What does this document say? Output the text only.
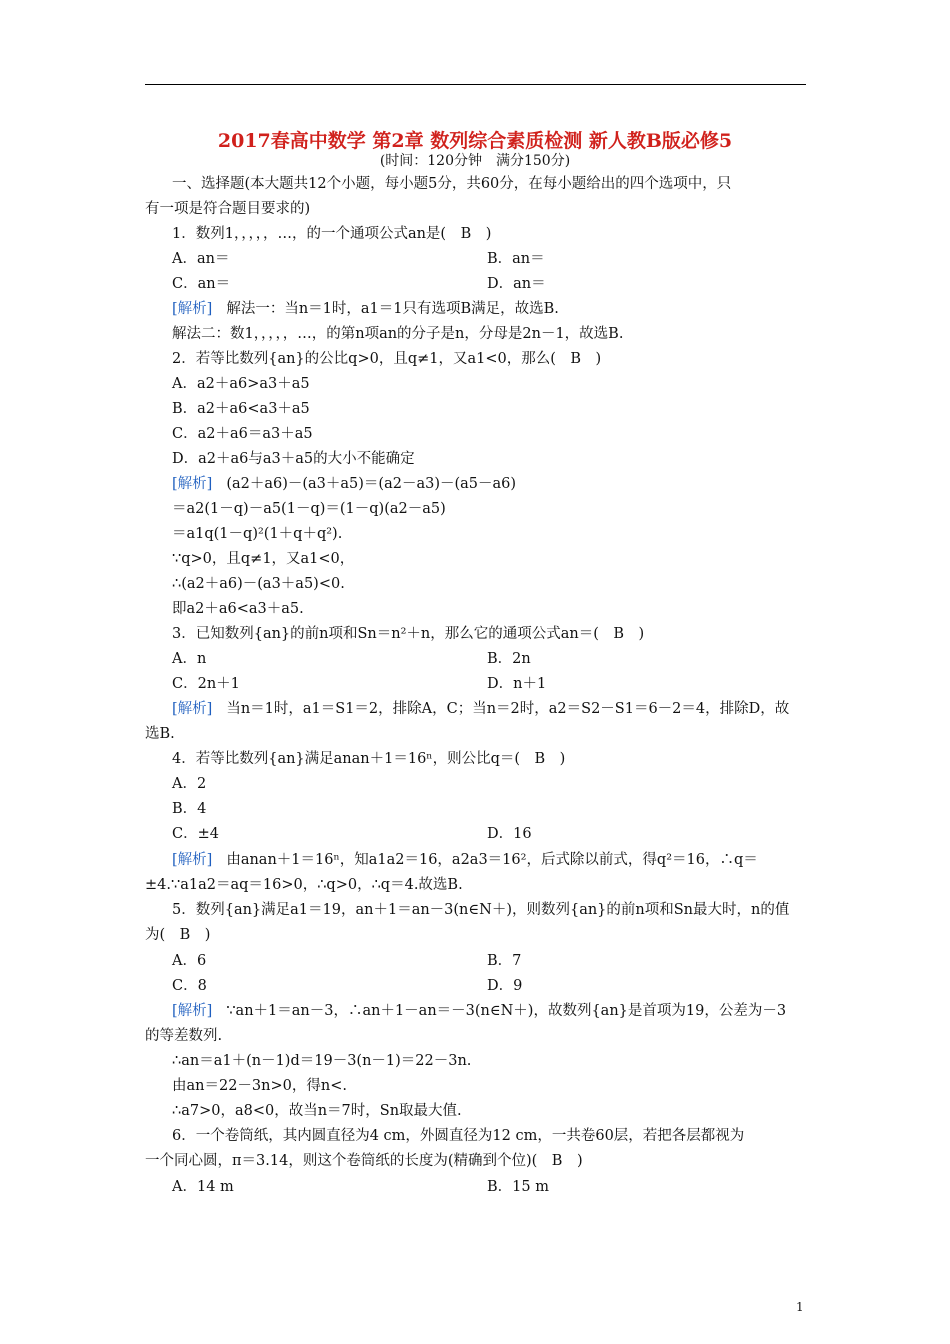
2017春高中数学 第2章 数列综合素质检测 新人教B版必修5
(时间：120分钟　满分150分)
一、选择题(本大题共12个小题，每小题5分，共60分，在每小题给出的四个选项中，只
有一项是符合题目要求的)
1．数列1，，，，，…，的一个通项公式an是(　B　)
A．an＝	B．an＝
C．an＝	D．an＝
[解析] 解法一：当n＝1时，a1＝1只有选项B满足，故选B.
解法二：数1，，，，，…，的第n项an的分子是n，分母是2n－1，故选B.
2．若等比数列{an}的公比q>0，且q≠1，又a1<0，那么(　B　)
A．a2＋a6>a3＋a5
B．a2＋a6<a3＋a5
C．a2＋a6＝a3＋a5
D．a2＋a6与a3＋a5的大小不能确定
[解析] (a2＋a6)－(a3＋a5)＝(a2－a3)－(a5－a6)
＝a2(1－q)－a5(1－q)＝(1－q)(a2－a5)
＝a1q(1－q)²(1＋q＋q²).
∵q>0，且q≠1，又a1<0，
∴(a2＋a6)－(a3＋a5)<0.
即a2＋a6<a3＋a5.
3．已知数列{an}的前n项和Sn＝n²＋n，那么它的通项公式an＝(　B　)
A．n	B．2n
C．2n＋1	D．n＋1
[解析] 当n＝1时，a1＝S1＝2，排除A，C；当n＝2时，a2＝S2－S1＝6－2＝4，排除D，故
选B.
4．若等比数列{an}满足anan＋1＝16ⁿ，则公比q＝(　B　)
A．2
B．4
C．±4	D．16
[解析] 由anan＋1＝16ⁿ，知a1a2＝16，a2a3＝16²，后式除以前式，得q²＝16，∴q＝
±4.∵a1a2＝aq＝16>0，∴q>0，∴q＝4.故选B.
5．数列{an}满足a1＝19，an＋1＝an－3(n∈N＋)，则数列{an}的前n项和Sn最大时，n的值
为(　B　)
A．6	B．7
C．8	D．9
[解析] ∵an＋1＝an－3，∴an＋1－an＝－3(n∈N＋)，故数列{an}是首项为19，公差为－3
的等差数列.
∴an＝a1＋(n－1)d＝19－3(n－1)＝22－3n.
由an＝22－3n>0，得n<.
∴a7>0，a8<0，故当n＝7时，Sn取最大值.
6．一个卷筒纸，其内圆直径为4 cm，外圆直径为12 cm，一共卷60层，若把各层都视为
一个同心圆，π＝3.14，则这个卷筒纸的长度为(精确到个位)(　B　)
A．14 m	B．15 m
1
